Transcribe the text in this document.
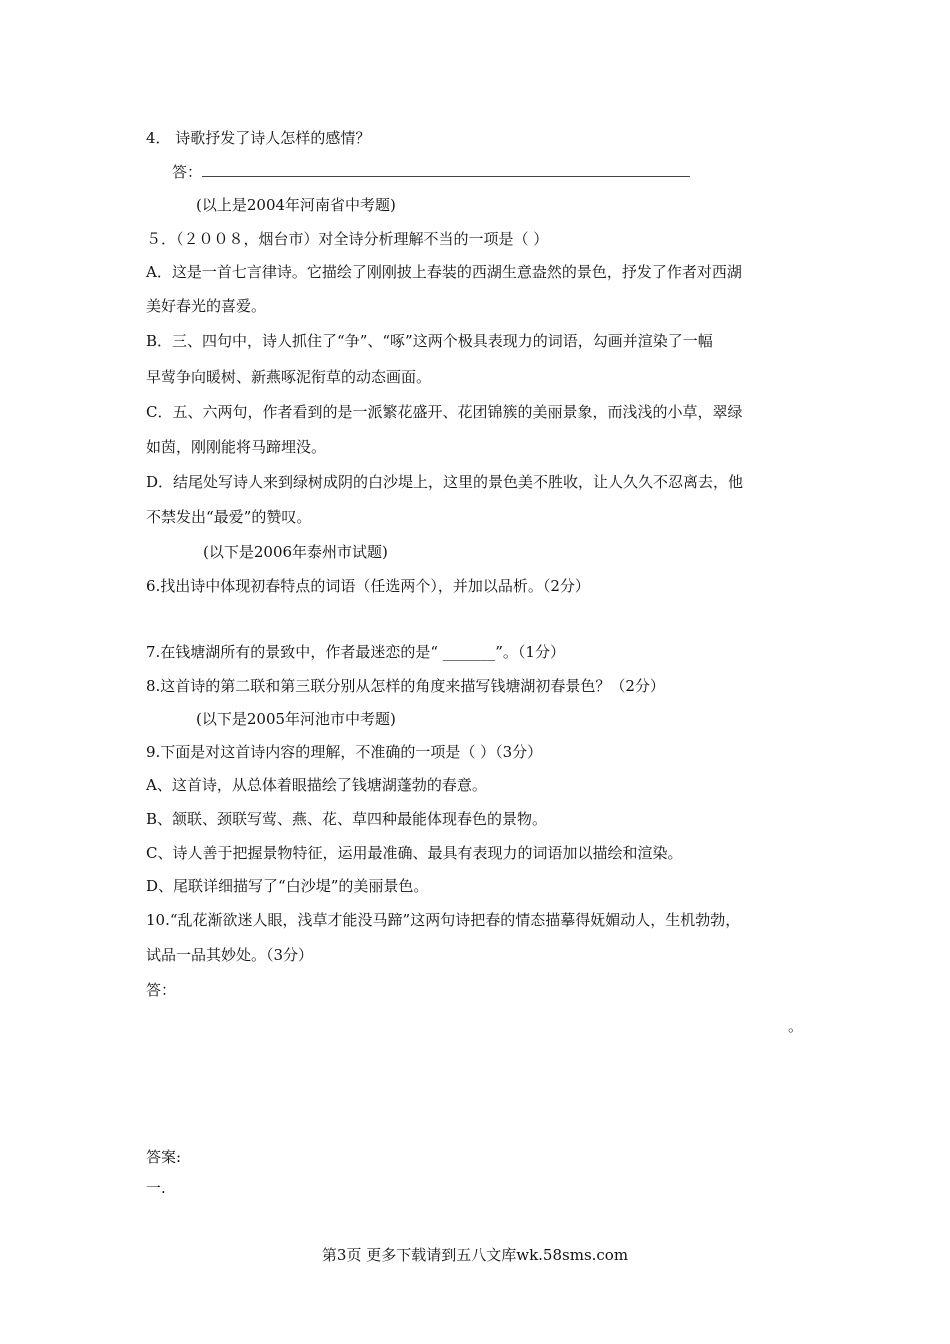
4． 诗歌抒发了诗人怎样的感情？
答：
(以上是2004年河南省中考题)
５．（２００８，烟台市）对全诗分析理解不当的一项是（ ）
A．这是一首七言律诗。它描绘了刚刚披上春装的西湖生意盎然的景色，抒发了作者对西湖
美好春光的喜爱。
B．三、四句中，诗人抓住了“争”、“啄”这两个极具表现力的词语，勾画并渲染了一幅
早莺争向暖树、新燕啄泥衔草的动态画面。
C．五、六两句，作者看到的是一派繁花盛开、花团锦簇的美丽景象，而浅浅的小草，翠绿
如茵，刚刚能将马蹄埋没。
D．结尾处写诗人来到绿树成阴的白沙堤上，这里的景色美不胜收，让人久久不忍离去，他
不禁发出“最爱”的赞叹。
(以下是2006年泰州市试题)
6.找出诗中体现初春特点的词语（任选两个），并加以品析。（2分）
7.在钱塘湖所有的景致中，作者最迷恋的是“ _______”。（1分）
8.这首诗的第二联和第三联分别从怎样的角度来描写钱塘湖初春景色？（2分）
(以下是2005年河池市中考题)
9.下面是对这首诗内容的理解，不准确的一项是（ ）（3分）
A、这首诗，从总体着眼描绘了钱塘湖蓬勃的春意。
B、颔联、颈联写莺、燕、花、草四种最能体现春色的景物。
C、诗人善于把握景物特征，运用最准确、最具有表现力的词语加以描绘和渲染。
D、尾联详细描写了“白沙堤”的美丽景色。
10.“乱花渐欲迷人眼，浅草才能没马蹄”这两句诗把春的情态描摹得妩媚动人，生机勃勃，
试品一品其妙处。（3分）
答：
。
答案:
一.
第3页 更多下载请到五八文库wk.58sms.com
